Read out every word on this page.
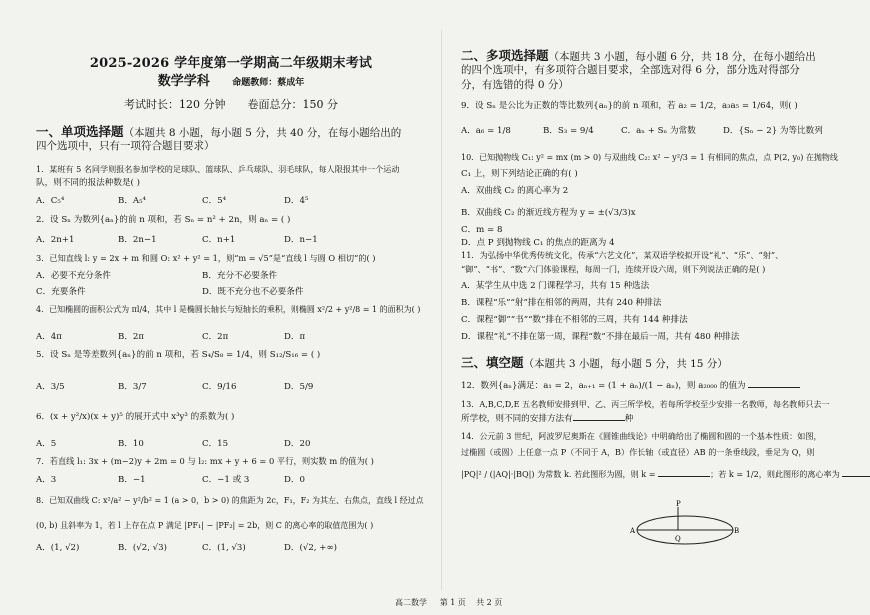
2025-2026 学年度第一学期高二年级期末考试
数学学科	命题教师：蔡成年
考试时长：120 分钟　　卷面总分：150 分
一、单项选择题（本题共 8 小题，每小题 5 分，共 40 分，在每小题给出的
四个选项中，只有一项符合题目要求）
1．某班有 5 名同学则报名参加学校的足球队、篮球队、乒乓球队、羽毛球队，每人限报其中一个运动
队，则不同的报法种数是( )
A．C₅⁴	B．A₅⁴	C．5⁴	D．4⁵
2．设 Sₙ 为数列{aₙ}的前 n 项和，若 Sₙ = n² + 2n，则 aₙ = ( )
A．2n+1	B．2n−1	C．n+1	D．n−1
3．已知直线 l: y = 2x + m 和圆 O: x² + y² = 1，则“m = √5”是“直线 l 与圆 O 相切”的( )
A．必要不充分条件	B．充分不必要条件
C．充要条件	D．既不充分也不必要条件
4．已知椭圆的面积公式为 πl/4，其中 l 是椭圆长轴长与短轴长的乘积，则椭圆 x²/2 + y²/8 = 1 的面积为( )
A．4π	B．2π	C．2π	D．π
5．设 Sₙ 是等差数列{aₙ}的前 n 项和，若 S₄/S₈ = 1/4，则 S₁₂/S₁₆ = ( )
A．3/5	B．3/7	C．9/16	D．5/9
6．(x + y²/x)(x + y)⁵ 的展开式中 x³y³ 的系数为( )
A．5	B．10	C．15	D．20
7．若直线 l₁: 3x + (m−2)y + 2m = 0 与 l₂: mx + y + 6 = 0 平行，则实数 m 的值为( )
A．3	B．−1	C．−1 或 3	D．0
8．已知双曲线 C: x²/a² − y²/b² = 1 (a > 0，b > 0) 的焦距为 2c，F₁，F₂ 为其左、右焦点，直线 l 经过点
(0, b) 且斜率为 1，若 l 上存在点 P 满足 |PF₁| − |PF₂| = 2b，则 C 的离心率的取值范围为( )
A．(1, √2)	B．(√2, √3)	C．(1, √3)	D．(√2, +∞)
二、多项选择题（本题共 3 小题，每小题 6 分，共 18 分，在每小题给出
的四个选项中，有多项符合题目要求，全部选对得 6 分，部分选对得部分
分，有选错的得 0 分）
9．设 Sₙ 是公比为正数的等比数列{aₙ}的前 n 项和，若 a₂ = 1/2，a₃a₅ = 1/64，则( )
A．a₆ = 1/8	B．S₃ = 9/4	C．aₙ + Sₙ 为常数	D．{Sₙ − 2} 为等比数列
10．已知抛物线 C₁: y² = mx (m > 0) 与双曲线 C₂: x² − y²/3 = 1 有相同的焦点，点 P(2, y₀) 在抛物线
C₁ 上，则下列结论正确的有( )
A．双曲线 C₂ 的离心率为 2
B．双曲线 C₂ 的渐近线方程为 y = ±(√3/3)x
C．m = 8
D．点 P 到抛物线 C₁ 的焦点的距离为 4
11．为弘扬中华优秀传统文化，传承“六艺文化”，某双语学校拟开设“礼”、“乐”、“射”、
“御”、“书”、“数”六门体验课程，每周一门，连续开设六周，则下列说法正确的是( )
A．某学生从中选 2 门课程学习，共有 15 种选法
B．课程“乐”“射”排在相邻的两周，共有 240 种排法
C．课程“御”“书”“数”排在不相邻的三周，共有 144 种排法
D．课程“礼”不排在第一周，课程“数”不排在最后一周，共有 480 种排法
三、填空题（本题共 3 小题，每小题 5 分，共 15 分）
12．数列{aₙ}满足：a₁ = 2，aₙ₊₁ = (1 + aₙ)/(1 − aₙ)，则 a₂₀₀₀ 的值为
13．A,B,C,D,E 五名教师安排到甲、乙、丙三所学校，若每所学校至少安排一名教师，每名教师只去一
所学校，则不同的安排方法有	种
14．公元前 3 世纪，阿波罗尼奥斯在《圆锥曲线论》中明确给出了椭圆和圆的一个基本性质：如图，
过椭圆（或圆）上任意一点 P（不同于 A，B）作长轴（或直径）AB 的一条垂线段，垂足为 Q，则
|PQ|² / (|AQ|·|BQ|) 为常数 k. 若此图形为圆，则 k =	；若 k = 1/2，则此图形的离心率为
P
A
Q
B
高二数学 第 1 页 共 2 页
